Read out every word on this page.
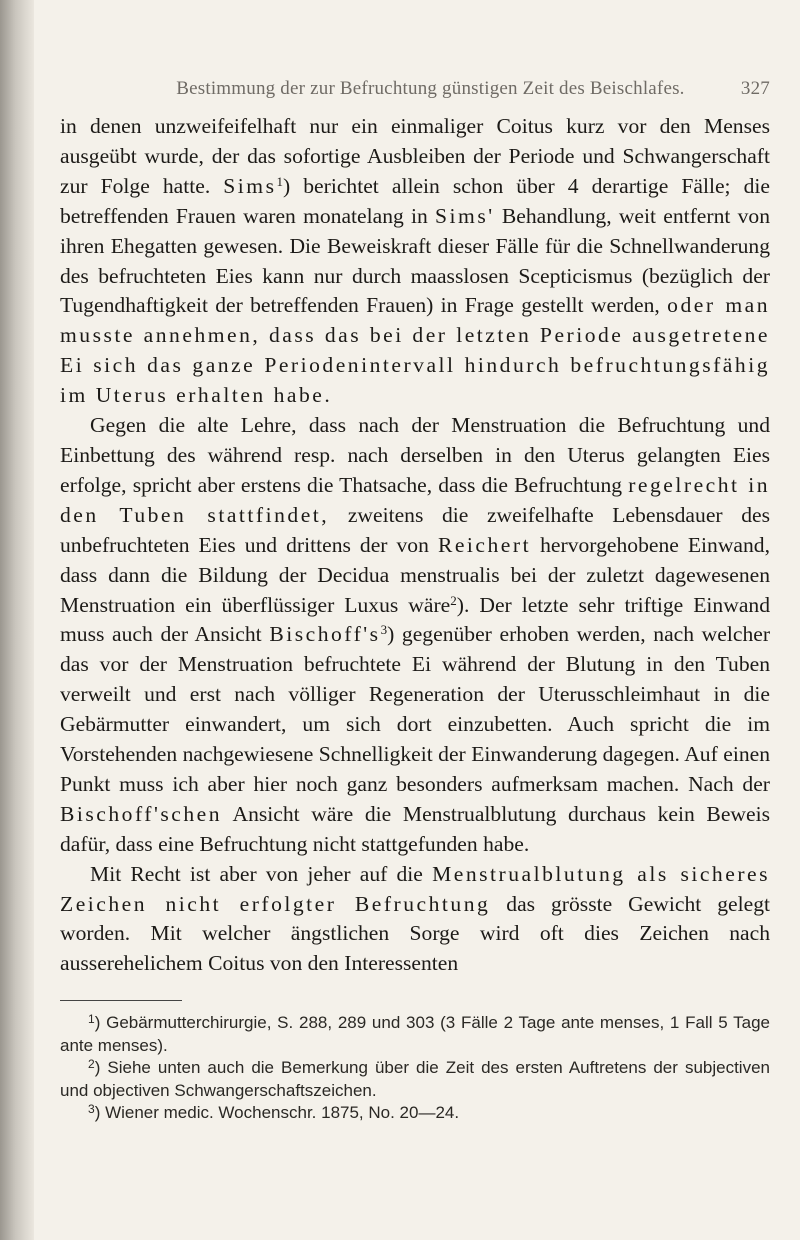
Bestimmung der zur Befruchtung günstigen Zeit des Beischlafes.	327

in denen unzweifeifelhaft nur ein einmaliger Coitus kurz vor den Menses ausgeübt wurde, der das sofortige Ausbleiben der Periode und Schwangerschaft zur Folge hatte. Sims$^1$) berichtet allein schon über 4 derartige Fälle; die betreffenden Frauen waren monatelang in Sims' Behandlung, weit entfernt von ihren Ehegatten gewesen. Die Beweiskraft dieser Fälle für die Schnellwanderung des befruchteten Eies kann nur durch maasslosen Scepticismus (bezüglich der Tugendhaftigkeit der betreffenden Frauen) in Frage gestellt werden, oder man musste annehmen, dass das bei der letzten Periode ausgetretene Ei sich das ganze Periodenintervall hindurch befruchtungsfähig im Uterus erhalten habe.

Gegen die alte Lehre, dass nach der Menstruation die Befruchtung und Einbettung des während resp. nach derselben in den Uterus gelangten Eies erfolge, spricht aber erstens die Thatsache, dass die Befruchtung regelrecht in den Tuben stattfindet, zweitens die zweifelhafte Lebensdauer des unbefruchteten Eies und drittens der von Reichert hervorgehobene Einwand, dass dann die Bildung der Decidua menstrualis bei der zuletzt dagewesenen Menstruation ein überflüssiger Luxus wäre$^2$). Der letzte sehr triftige Einwand muss auch der Ansicht $Bischoff's^3$) gegenüber erhoben werden, nach welcher das vor der Menstruation befruchtete Ei während der Blutung in den Tuben verweilt und erst nach völliger Regeneration der Uterusschleimhaut in die Gebärmutter einwandert, um sich dort einzubetten. Auch spricht die im Vorstehenden nachgewiesene Schnelligkeit der Einwanderung dagegen. Auf einen Punkt muss ich aber hier noch ganz besonders aufmerksam machen. Nach der Bischoff'schen Ansicht wäre die Menstrualblutung durchaus kein Beweis dafür, dass eine Befruchtung nicht stattgefunden habe.

Mit Recht ist aber von jeher auf die Menstrualblutung als sicheres Zeichen nicht erfolgter Befruchtung das grösste Gewicht gelegt worden. Mit welcher ängstlichen Sorge wird oft dies Zeichen nach ausserehelichem Coitus von den Interessenten

$^1$) Gebärmutterchirurgie, S. 288, 289 und 303 (3 Fälle 2 Tage ante menses, 1 Fall 5 Tage ante menses).

$^2$) Siehe unten auch die Bemerkung über die Zeit des ersten Auftretens der subjectiven und objectiven Schwangerschaftszeichen.

$^3$) Wiener medic. Wochenschr. 1875, No. 20—24.
